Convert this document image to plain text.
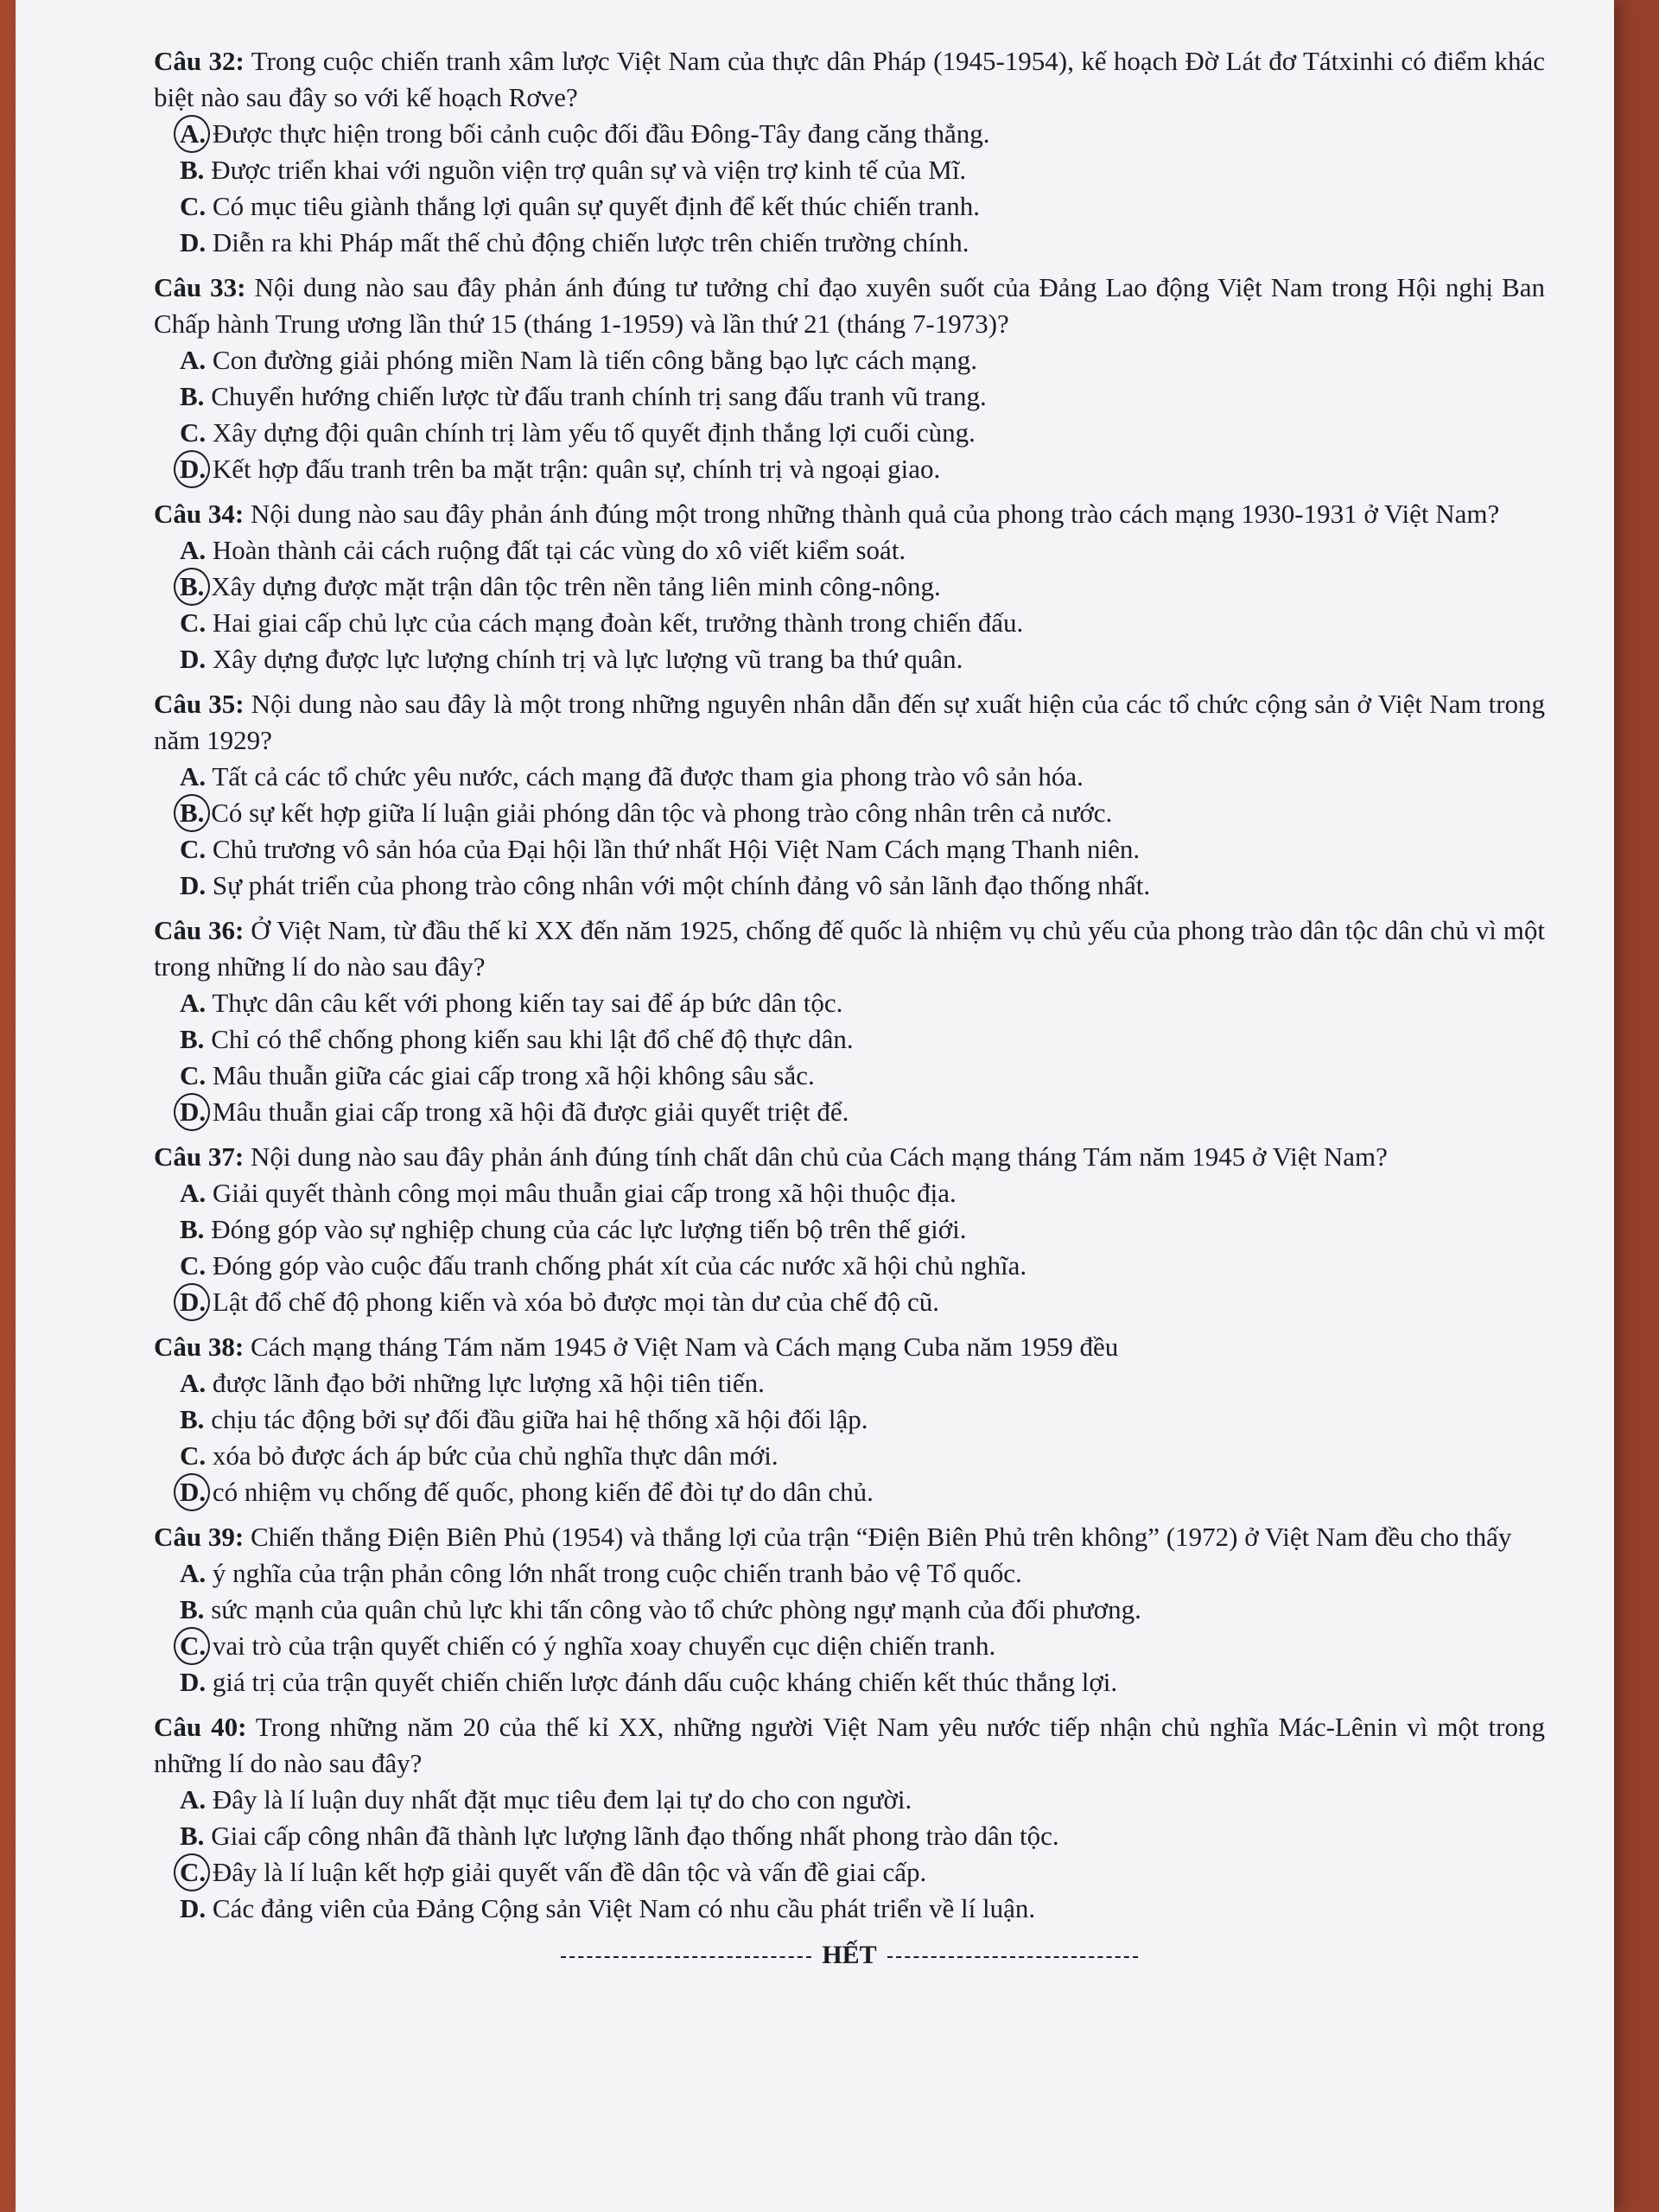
Câu 32: Trong cuộc chiến tranh xâm lược Việt Nam của thực dân Pháp (1945-1954), kế hoạch Đờ Lát đơ Tátxinhi có điểm khác biệt nào sau đây so với kế hoạch Rơve?
A. Được thực hiện trong bối cảnh cuộc đối đầu Đông-Tây đang căng thẳng.
B. Được triển khai với nguồn viện trợ quân sự và viện trợ kinh tế của Mĩ.
C. Có mục tiêu giành thắng lợi quân sự quyết định để kết thúc chiến tranh.
D. Diễn ra khi Pháp mất thế chủ động chiến lược trên chiến trường chính.
Câu 33: Nội dung nào sau đây phản ánh đúng tư tưởng chỉ đạo xuyên suốt của Đảng Lao động Việt Nam trong Hội nghị Ban Chấp hành Trung ương lần thứ 15 (tháng 1-1959) và lần thứ 21 (tháng 7-1973)?
A. Con đường giải phóng miền Nam là tiến công bằng bạo lực cách mạng.
B. Chuyển hướng chiến lược từ đấu tranh chính trị sang đấu tranh vũ trang.
C. Xây dựng đội quân chính trị làm yếu tố quyết định thắng lợi cuối cùng.
D. Kết hợp đấu tranh trên ba mặt trận: quân sự, chính trị và ngoại giao.
Câu 34: Nội dung nào sau đây phản ánh đúng một trong những thành quả của phong trào cách mạng 1930-1931 ở Việt Nam?
A. Hoàn thành cải cách ruộng đất tại các vùng do xô viết kiểm soát.
B. Xây dựng được mặt trận dân tộc trên nền tảng liên minh công-nông.
C. Hai giai cấp chủ lực của cách mạng đoàn kết, trưởng thành trong chiến đấu.
D. Xây dựng được lực lượng chính trị và lực lượng vũ trang ba thứ quân.
Câu 35: Nội dung nào sau đây là một trong những nguyên nhân dẫn đến sự xuất hiện của các tổ chức cộng sản ở Việt Nam trong năm 1929?
A. Tất cả các tổ chức yêu nước, cách mạng đã được tham gia phong trào vô sản hóa.
B. Có sự kết hợp giữa lí luận giải phóng dân tộc và phong trào công nhân trên cả nước.
C. Chủ trương vô sản hóa của Đại hội lần thứ nhất Hội Việt Nam Cách mạng Thanh niên.
D. Sự phát triển của phong trào công nhân với một chính đảng vô sản lãnh đạo thống nhất.
Câu 36: Ở Việt Nam, từ đầu thế kỉ XX đến năm 1925, chống đế quốc là nhiệm vụ chủ yếu của phong trào dân tộc dân chủ vì một trong những lí do nào sau đây?
A. Thực dân câu kết với phong kiến tay sai để áp bức dân tộc.
B. Chỉ có thể chống phong kiến sau khi lật đổ chế độ thực dân.
C. Mâu thuẫn giữa các giai cấp trong xã hội không sâu sắc.
D. Mâu thuẫn giai cấp trong xã hội đã được giải quyết triệt để.
Câu 37: Nội dung nào sau đây phản ánh đúng tính chất dân chủ của Cách mạng tháng Tám năm 1945 ở Việt Nam?
A. Giải quyết thành công mọi mâu thuẫn giai cấp trong xã hội thuộc địa.
B. Đóng góp vào sự nghiệp chung của các lực lượng tiến bộ trên thế giới.
C. Đóng góp vào cuộc đấu tranh chống phát xít của các nước xã hội chủ nghĩa.
D. Lật đổ chế độ phong kiến và xóa bỏ được mọi tàn dư của chế độ cũ.
Câu 38: Cách mạng tháng Tám năm 1945 ở Việt Nam và Cách mạng Cuba năm 1959 đều
A. được lãnh đạo bởi những lực lượng xã hội tiên tiến.
B. chịu tác động bởi sự đối đầu giữa hai hệ thống xã hội đối lập.
C. xóa bỏ được ách áp bức của chủ nghĩa thực dân mới.
D. có nhiệm vụ chống đế quốc, phong kiến để đòi tự do dân chủ.
Câu 39: Chiến thắng Điện Biên Phủ (1954) và thắng lợi của trận “Điện Biên Phủ trên không” (1972) ở Việt Nam đều cho thấy
A. ý nghĩa của trận phản công lớn nhất trong cuộc chiến tranh bảo vệ Tổ quốc.
B. sức mạnh của quân chủ lực khi tấn công vào tổ chức phòng ngự mạnh của đối phương.
C. vai trò của trận quyết chiến có ý nghĩa xoay chuyển cục diện chiến tranh.
D. giá trị của trận quyết chiến chiến lược đánh dấu cuộc kháng chiến kết thúc thắng lợi.
Câu 40: Trong những năm 20 của thế kỉ XX, những người Việt Nam yêu nước tiếp nhận chủ nghĩa Mác-Lênin vì một trong những lí do nào sau đây?
A. Đây là lí luận duy nhất đặt mục tiêu đem lại tự do cho con người.
B. Giai cấp công nhân đã thành lực lượng lãnh đạo thống nhất phong trào dân tộc.
C. Đây là lí luận kết hợp giải quyết vấn đề dân tộc và vấn đề giai cấp.
D. Các đảng viên của Đảng Cộng sản Việt Nam có nhu cầu phát triển về lí luận.
HẾT
